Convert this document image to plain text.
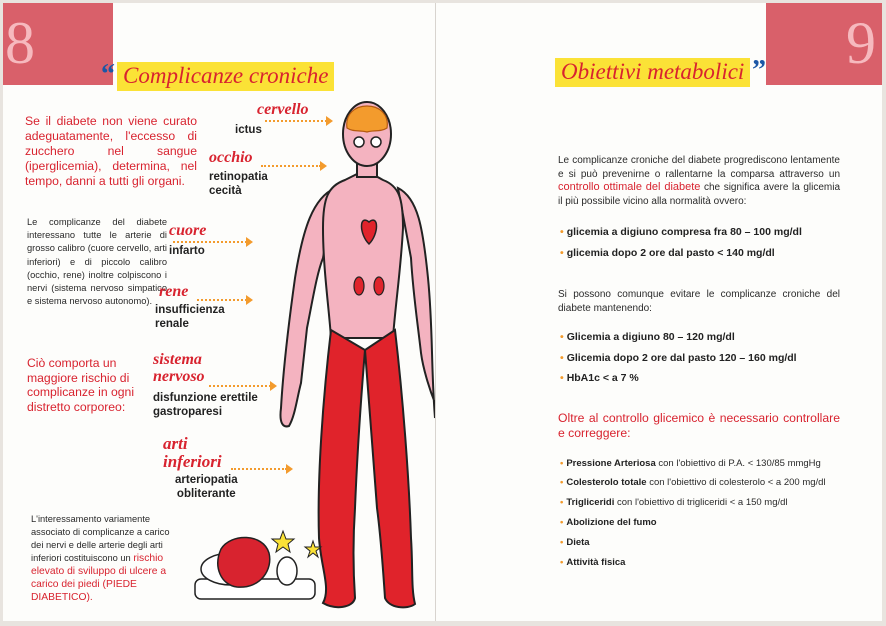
8 “ Complicanze croniche

Se il diabete non viene curato adeguatamente, l'eccesso di zucchero nel sangue (iperglicemia), determina, nel tempo, danni a tutti gli organi.

Le complicanze del diabete interessano tutte le arterie di grosso calibro (cuore cervello, arti inferiori) e di piccolo calibro (occhio, rene) inoltre colpiscono i nervi (sistema nervoso simpatico e sistema nervoso autonomo).

Ciò comporta un maggiore rischio di complicanze in ogni distretto corporeo:

L'interessamento variamente associato di complicanze a carico dei nervi e delle arterie degli arti inferiori costituiscono un rischio elevato di sviluppo di ulcere a carico dei piedi (PIEDE DIABETICO).

cervello
ictus
occhio
retinopatia
cecità
cuore
infarto
rene
insufficienza
renale
sistema
nervoso
disfunzione erettile
gastroparesi
arti
inferiori
arteriopatia
obliterante
9
Obiettivi metabolici ”

Le complicanze croniche del diabete progrediscono lentamente e si può prevenirne o rallentarne la comparsa attraverso un controllo ottimale del diabete che significa avere la glicemia il più possibile vicino alla normalità ovvero:

• glicemia a digiuno compresa fra 80 – 100 mg/dl
• glicemia dopo 2 ore dal pasto < 140 mg/dl

Si possono comunque evitare le complicanze croniche del diabete mantenendo:

• Glicemia a digiuno 80 – 120 mg/dl
• Glicemia dopo 2 ore dal pasto 120 – 160 mg/dl
• HbA1c < a 7 %

Oltre al controllo glicemico è necessario controllare e correggere:

• Pressione Arteriosa con l'obiettivo di P.A. < 130/85 mmgHg
• Colesterolo totale con l'obiettivo di colesterolo < a 200 mg/dl
• Trigliceridi con l'obiettivo di trigliceridi < a 150 mg/dl
• Abolizione del fumo
• Dieta
• Attività fisica
